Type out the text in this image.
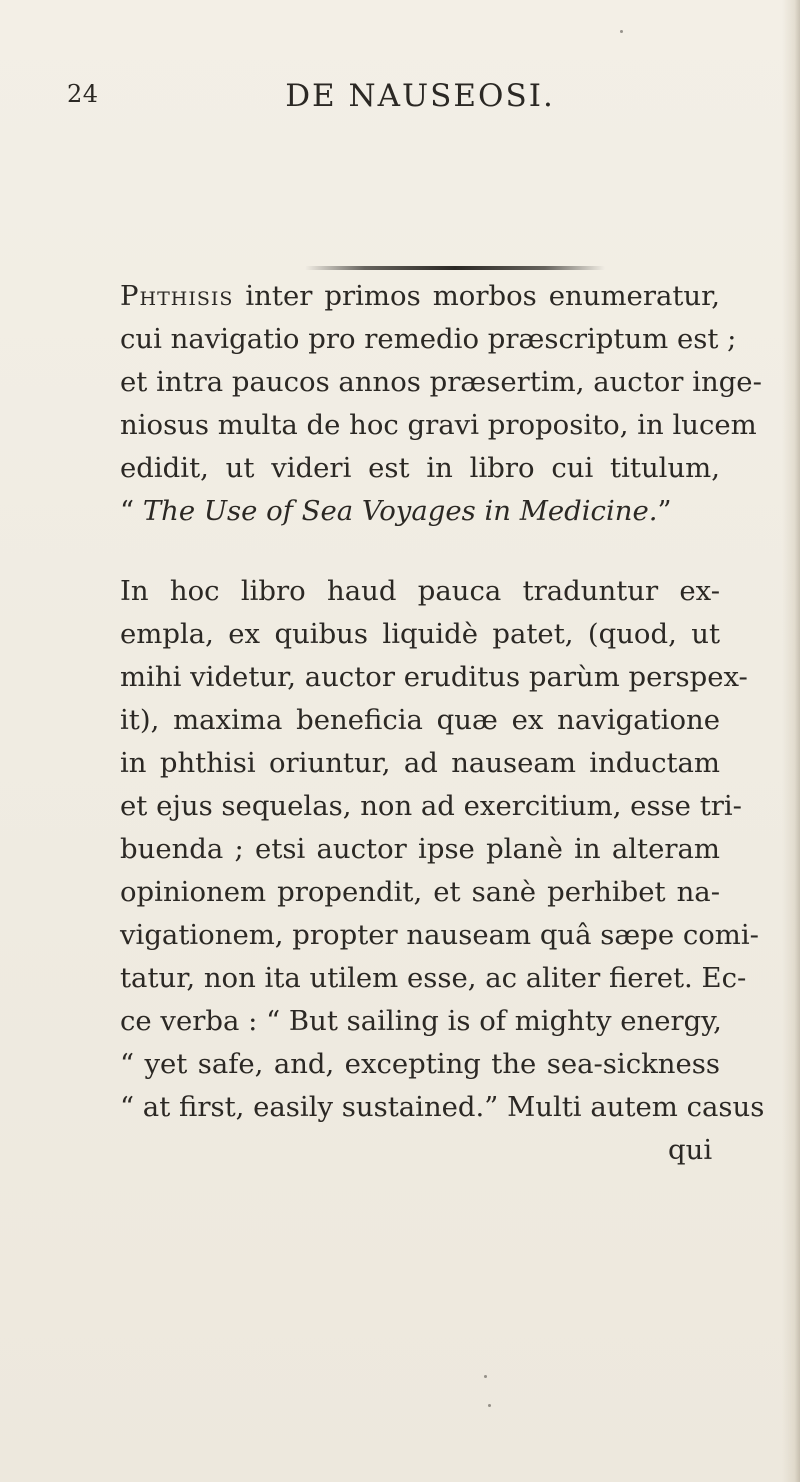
24	DE NAUSEOSI.
Phthisis inter primos morbos enumeratur,
cui navigatio pro remedio præscriptum est ;
et intra paucos annos præsertim, auctor inge-
niosus multa de hoc gravi proposito, in lucem
edidit, ut videri est in libro cui titulum,
“ The Use of Sea Voyages in Medicine.”
In hoc libro haud pauca traduntur ex-
empla, ex quibus liquidè patet, (quod, ut
mihi videtur, auctor eruditus parùm perspex-
it), maxima beneficia quæ ex navigatione
in phthisi oriuntur, ad nauseam inductam
et ejus sequelas, non ad exercitium, esse tri-
buenda ; etsi auctor ipse planè in alteram
opinionem propendit, et sanè perhibet na-
vigationem, propter nauseam quâ sæpe comi-
tatur, non ita utilem esse, ac aliter fieret. Ec-
ce verba : “ But sailing is of mighty energy,
“ yet safe, and, excepting the sea-sickness
“ at first, easily sustained.” Multi autem casus
qui
